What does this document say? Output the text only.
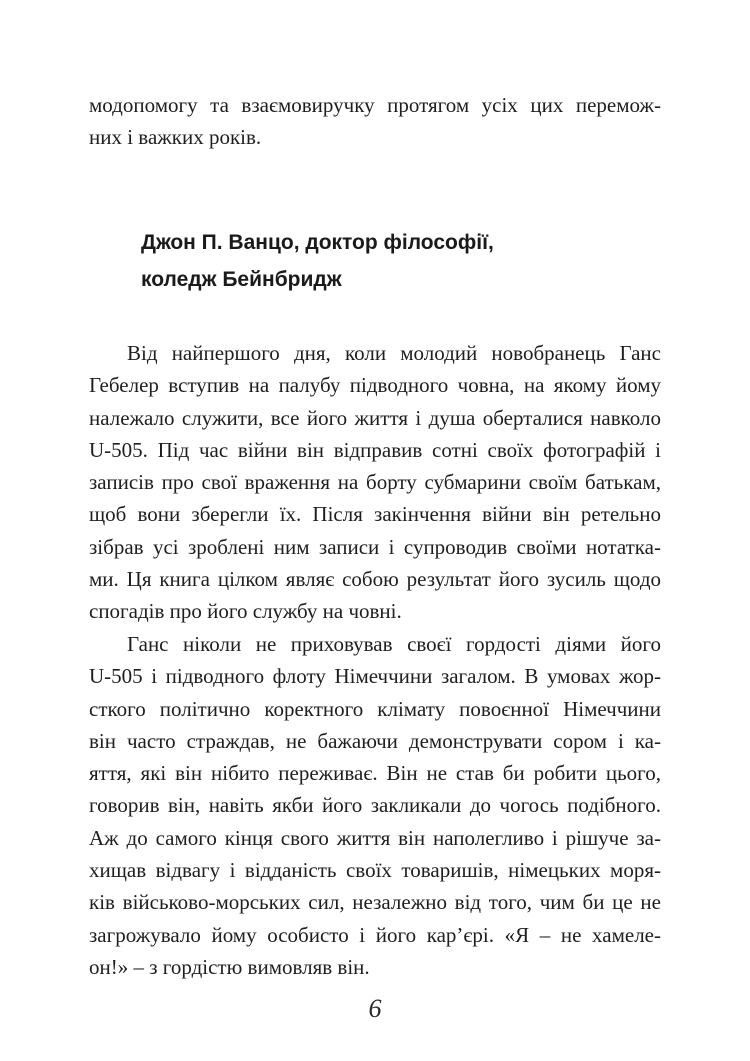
модопомогу та взаємовиручку протягом усіх цих перемож-
них і важких років.
Джон П. Ванцо, доктор філософії,
коледж Бейнбридж
Від найпершого дня, коли молодий новобранець Ганс
Гебелер вступив на палубу підводного човна, на якому йому
належало служити, все його життя і душа оберталися навколо
U-505. Під час війни він відправив сотні своїх фотографій і
записів про свої враження на борту субмарини своїм батькам,
щоб вони зберегли їх. Після закінчення війни він ретельно
зібрав усі зроблені ним записи і супроводив своїми нотатка-
ми. Ця книга цілком являє собою результат його зусиль щодо
спогадів про його службу на човні.
Ганс ніколи не приховував своєї гордості діями його
U-505 і підводного флоту Німеччини загалом. В умовах жор-
сткого політично коректного клімату повоєнної Німеччини
він часто страждав, не бажаючи демонструвати сором і ка-
яття, які він нібито переживає. Він не став би робити цього,
говорив він, навіть якби його закликали до чогось подібного.
Аж до самого кінця свого життя він наполегливо і рішуче за-
хищав відвагу і відданість своїх товаришів, німецьких моря-
ків військово-морських сил, незалежно від того, чим би це не
загрожувало йому особисто і його кар’єрі. «Я – не хамеле-
он!» – з гордістю вимовляв він.
6
